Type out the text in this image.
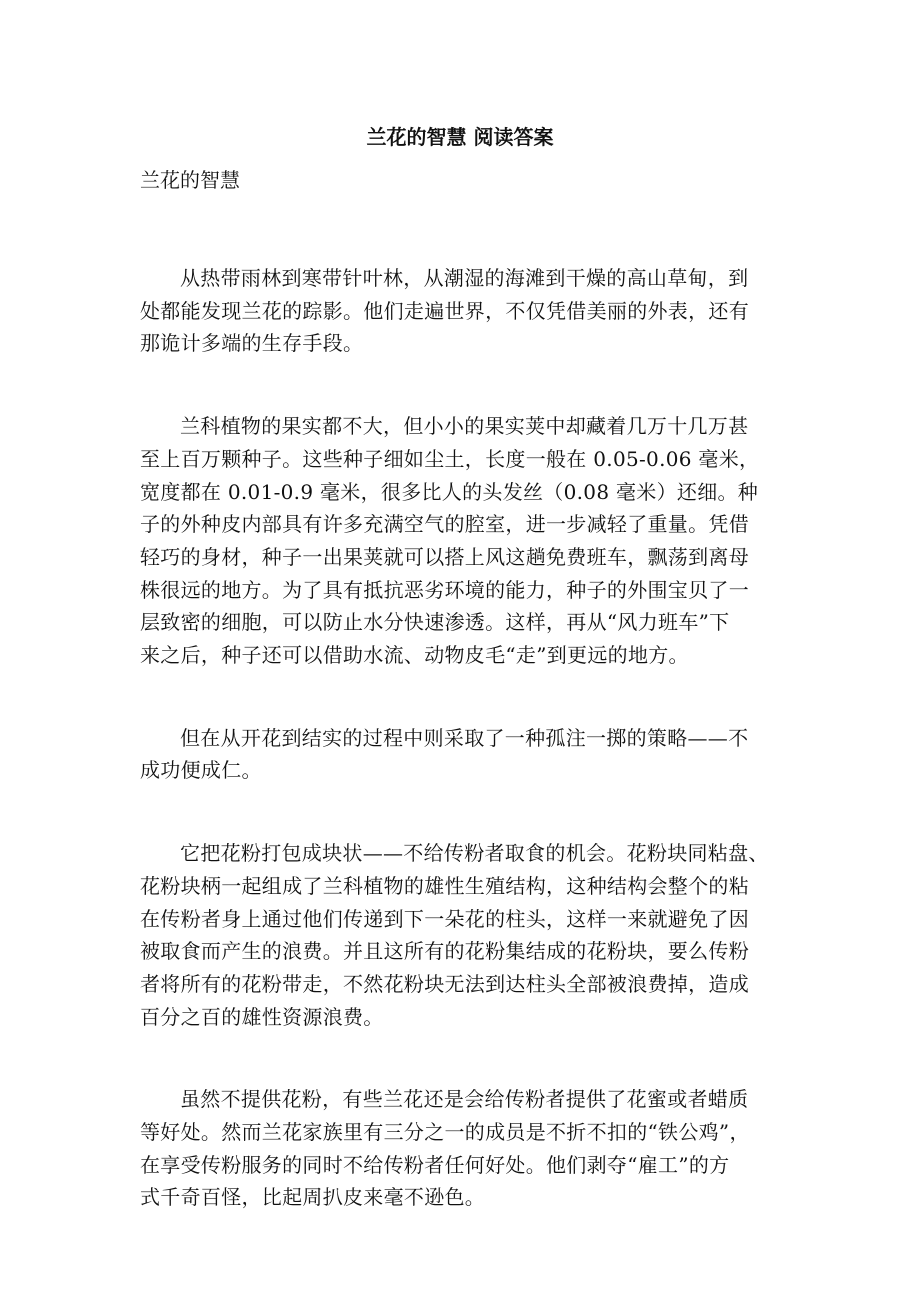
兰花的智慧 阅读答案

兰花的智慧

从热带雨林到寒带针叶林，从潮湿的海滩到干燥的高山草甸，到
处都能发现兰花的踪影。他们走遍世界，不仅凭借美丽的外表，还有
那诡计多端的生存手段。

兰科植物的果实都不大，但小小的果实荚中却藏着几万十几万甚
至上百万颗种子。这些种子细如尘土，长度一般在 0.05-0.06 毫米，
宽度都在 0.01-0.9 毫米，很多比人的头发丝（0.08 毫米）还细。种
子的外种皮内部具有许多充满空气的腔室，进一步减轻了重量。凭借
轻巧的身材，种子一出果荚就可以搭上风这趟免费班车，飘荡到离母
株很远的地方。为了具有抵抗恶劣环境的能力，种子的外围宝贝了一
层致密的细胞，可以防止水分快速渗透。这样，再从“风力班车”下
来之后，种子还可以借助水流、动物皮毛“走”到更远的地方。

但在从开花到结实的过程中则采取了一种孤注一掷的策略——不
成功便成仁。

它把花粉打包成块状——不给传粉者取食的机会。花粉块同粘盘、
花粉块柄一起组成了兰科植物的雄性生殖结构，这种结构会整个的粘
在传粉者身上通过他们传递到下一朵花的柱头，这样一来就避免了因
被取食而产生的浪费。并且这所有的花粉集结成的花粉块，要么传粉
者将所有的花粉带走，不然花粉块无法到达柱头全部被浪费掉，造成
百分之百的雄性资源浪费。

虽然不提供花粉，有些兰花还是会给传粉者提供了花蜜或者蜡质
等好处。然而兰花家族里有三分之一的成员是不折不扣的“铁公鸡”，
在享受传粉服务的同时不给传粉者任何好处。他们剥夺“雇工”的方
式千奇百怪，比起周扒皮来毫不逊色。
